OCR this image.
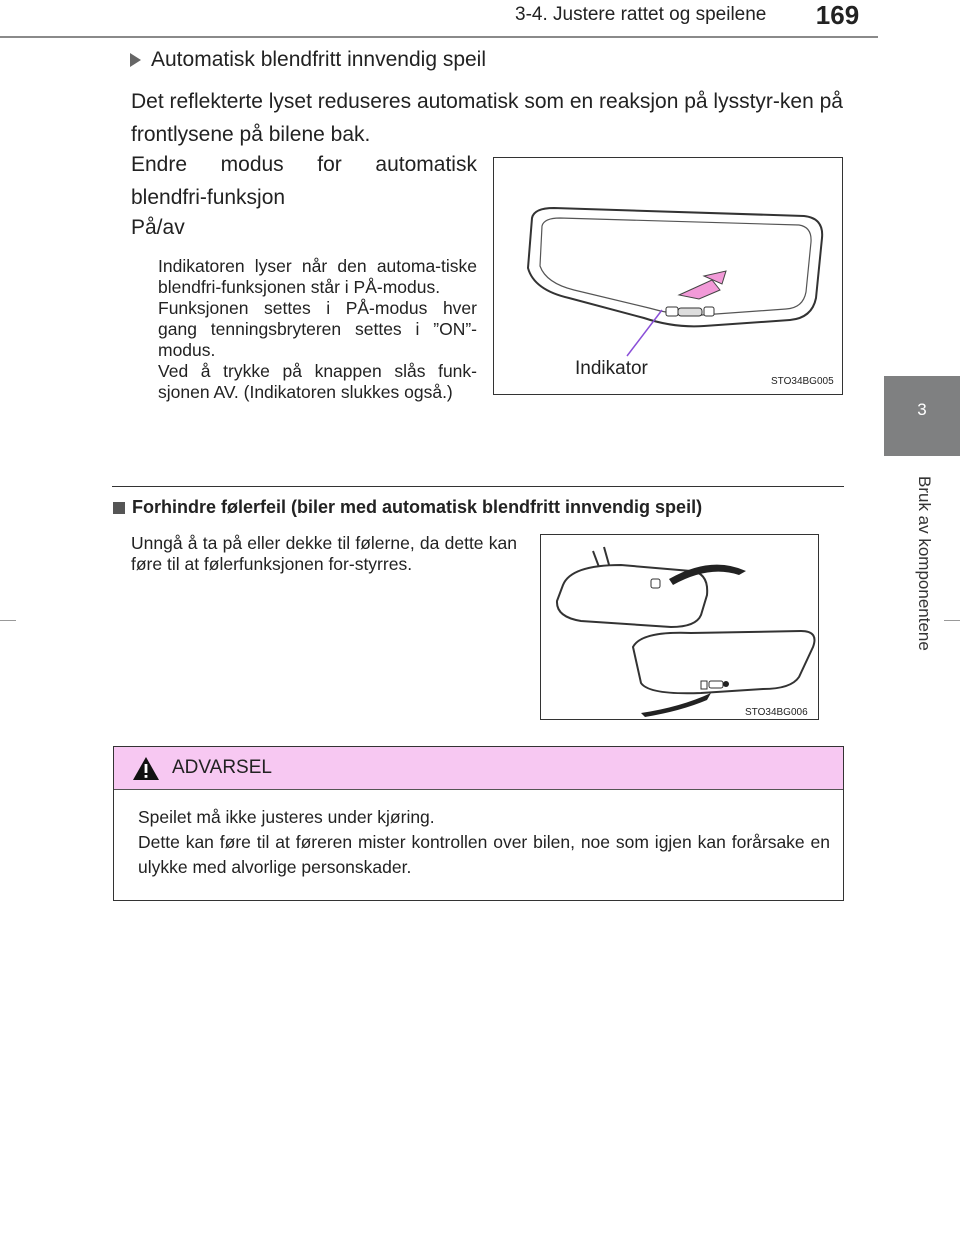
3-4. Justere rattet og speilene	169
3
Bruk av komponentene
Automatisk blendfritt innvendig speil
Det reflekterte lyset reduseres automatisk som en reaksjon på lysstyr-ken på frontlysene på bilene bak.
Endre modus for automatisk
blendfri-funksjon
På/av

Indikatoren lyser når den automa-tiske blendfri-funksjonen står i PÅ-modus.

Funksjonen settes i PÅ-modus hver gang tenningsbryteren settes i ”ON”-modus.

Ved å trykke på knappen slås funk-sjonen AV. (Indikatoren slukkes også.)

Indikator
STO34BG005
Forhindre følerfeil (biler med automatisk blendfritt innvendig speil)
Unngå å ta på eller dekke til følerne, da dette kan føre til at følerfunksjonen for-styrres.
STO34BG006
ADVARSEL

Speilet må ikke justeres under kjøring.

Dette kan føre til at føreren mister kontrollen over bilen, noe som igjen kan forårsake en ulykke med alvorlige personskader.
